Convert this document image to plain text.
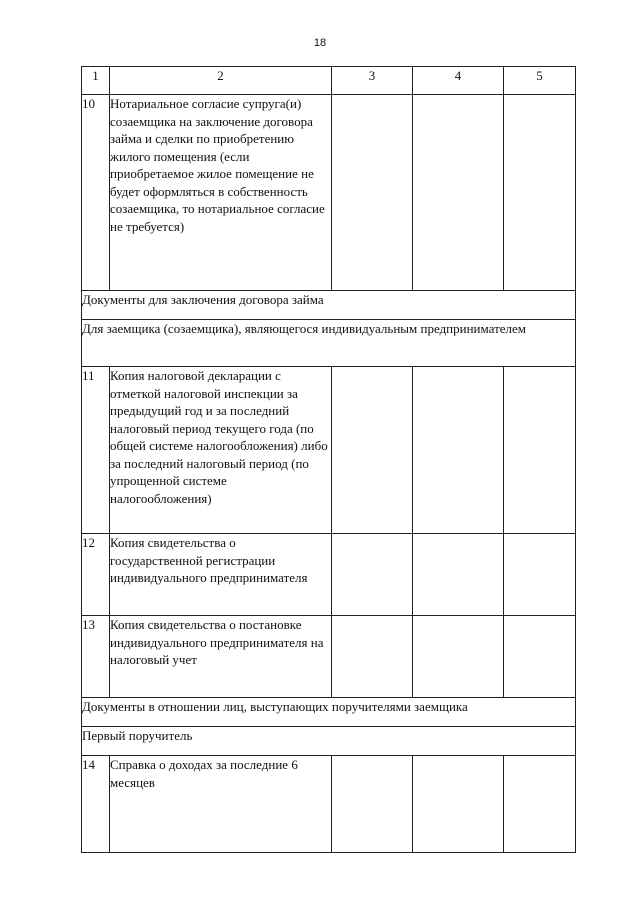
18
1	2	3	4	5
10	Нотариальное согласие супруга(и) созаемщика на заключение договора займа и сделки по приобретению жилого помещения (если приобретаемое жилое помещение не будет оформляться в собственность созаемщика, то нотариальное согласие не требуется)			
Документы для заключения договора займа				
Для заемщика (созаемщика), являющегося индивидуальным предпринимателем				
11	Копия налоговой декларации с отметкой налоговой инспекции за предыдущий год и за последний налоговый период текущего года (по общей системе налогообложения) либо за последний налоговый период (по упрощенной системе налогообложения)			
12	Копия свидетельства о государственной регистрации индивидуального предпринимателя			
13	Копия свидетельства о постановке индивидуального предпринимателя на налоговый учет			
Документы в отношении лиц, выступающих поручителями заемщика				
Первый поручитель				
14	Справка о доходах за последние 6 месяцев			
